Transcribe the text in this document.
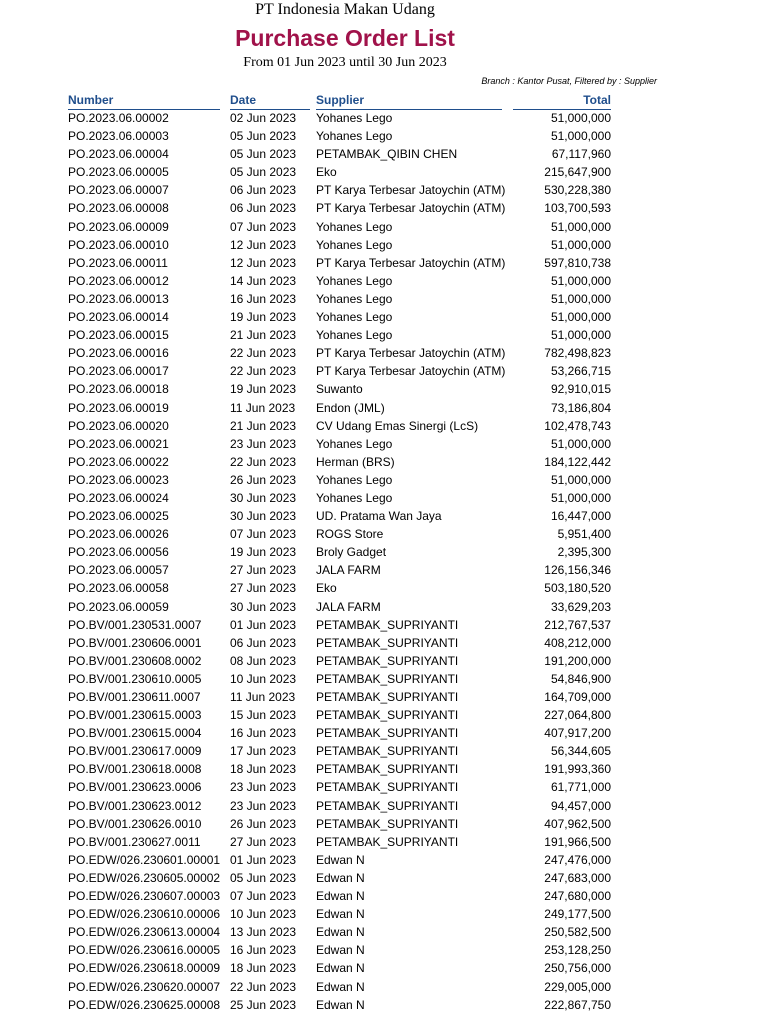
PT Indonesia Makan Udang
Purchase Order List
From 01 Jun 2023 until 30 Jun 2023
Branch : Kantor Pusat, Filtered by : Supplier
Number	Date	Supplier	Total
PO.2023.06.00002	02 Jun 2023	Yohanes Lego	51,000,000
PO.2023.06.00003	05 Jun 2023	Yohanes Lego	51,000,000
PO.2023.06.00004	05 Jun 2023	PETAMBAK_QIBIN CHEN	67,117,960
PO.2023.06.00005	05 Jun 2023	Eko	215,647,900
PO.2023.06.00007	06 Jun 2023	PT Karya Terbesar Jatoychin (ATM)	530,228,380
PO.2023.06.00008	06 Jun 2023	PT Karya Terbesar Jatoychin (ATM)	103,700,593
PO.2023.06.00009	07 Jun 2023	Yohanes Lego	51,000,000
PO.2023.06.00010	12 Jun 2023	Yohanes Lego	51,000,000
PO.2023.06.00011	12 Jun 2023	PT Karya Terbesar Jatoychin (ATM)	597,810,738
PO.2023.06.00012	14 Jun 2023	Yohanes Lego	51,000,000
PO.2023.06.00013	16 Jun 2023	Yohanes Lego	51,000,000
PO.2023.06.00014	19 Jun 2023	Yohanes Lego	51,000,000
PO.2023.06.00015	21 Jun 2023	Yohanes Lego	51,000,000
PO.2023.06.00016	22 Jun 2023	PT Karya Terbesar Jatoychin (ATM)	782,498,823
PO.2023.06.00017	22 Jun 2023	PT Karya Terbesar Jatoychin (ATM)	53,266,715
PO.2023.06.00018	19 Jun 2023	Suwanto	92,910,015
PO.2023.06.00019	11 Jun 2023	Endon (JML)	73,186,804
PO.2023.06.00020	21 Jun 2023	CV Udang Emas Sinergi (LcS)	102,478,743
PO.2023.06.00021	23 Jun 2023	Yohanes Lego	51,000,000
PO.2023.06.00022	22 Jun 2023	Herman (BRS)	184,122,442
PO.2023.06.00023	26 Jun 2023	Yohanes Lego	51,000,000
PO.2023.06.00024	30 Jun 2023	Yohanes Lego	51,000,000
PO.2023.06.00025	30 Jun 2023	UD. Pratama Wan Jaya	16,447,000
PO.2023.06.00026	07 Jun 2023	ROGS Store	5,951,400
PO.2023.06.00056	19 Jun 2023	Broly Gadget	2,395,300
PO.2023.06.00057	27 Jun 2023	JALA FARM	126,156,346
PO.2023.06.00058	27 Jun 2023	Eko	503,180,520
PO.2023.06.00059	30 Jun 2023	JALA FARM	33,629,203
PO.BV/001.230531.0007	01 Jun 2023	PETAMBAK_SUPRIYANTI	212,767,537
PO.BV/001.230606.0001	06 Jun 2023	PETAMBAK_SUPRIYANTI	408,212,000
PO.BV/001.230608.0002	08 Jun 2023	PETAMBAK_SUPRIYANTI	191,200,000
PO.BV/001.230610.0005	10 Jun 2023	PETAMBAK_SUPRIYANTI	54,846,900
PO.BV/001.230611.0007	11 Jun 2023	PETAMBAK_SUPRIYANTI	164,709,000
PO.BV/001.230615.0003	15 Jun 2023	PETAMBAK_SUPRIYANTI	227,064,800
PO.BV/001.230615.0004	16 Jun 2023	PETAMBAK_SUPRIYANTI	407,917,200
PO.BV/001.230617.0009	17 Jun 2023	PETAMBAK_SUPRIYANTI	56,344,605
PO.BV/001.230618.0008	18 Jun 2023	PETAMBAK_SUPRIYANTI	191,993,360
PO.BV/001.230623.0006	23 Jun 2023	PETAMBAK_SUPRIYANTI	61,771,000
PO.BV/001.230623.0012	23 Jun 2023	PETAMBAK_SUPRIYANTI	94,457,000
PO.BV/001.230626.0010	26 Jun 2023	PETAMBAK_SUPRIYANTI	407,962,500
PO.BV/001.230627.0011	27 Jun 2023	PETAMBAK_SUPRIYANTI	191,966,500
PO.EDW/026.230601.00001 01 Jun 2023	Edwan N	247,476,000
PO.EDW/026.230605.00002 05 Jun 2023	Edwan N	247,683,000
PO.EDW/026.230607.00003 07 Jun 2023	Edwan N	247,680,000
PO.EDW/026.230610.00006 10 Jun 2023	Edwan N	249,177,500
PO.EDW/026.230613.00004 13 Jun 2023	Edwan N	250,582,500
PO.EDW/026.230616.00005 16 Jun 2023	Edwan N	253,128,250
PO.EDW/026.230618.00009 18 Jun 2023	Edwan N	250,756,000
PO.EDW/026.230620.00007 22 Jun 2023	Edwan N	229,005,000
PO.EDW/026.230625.00008 25 Jun 2023	Edwan N	222,867,750
